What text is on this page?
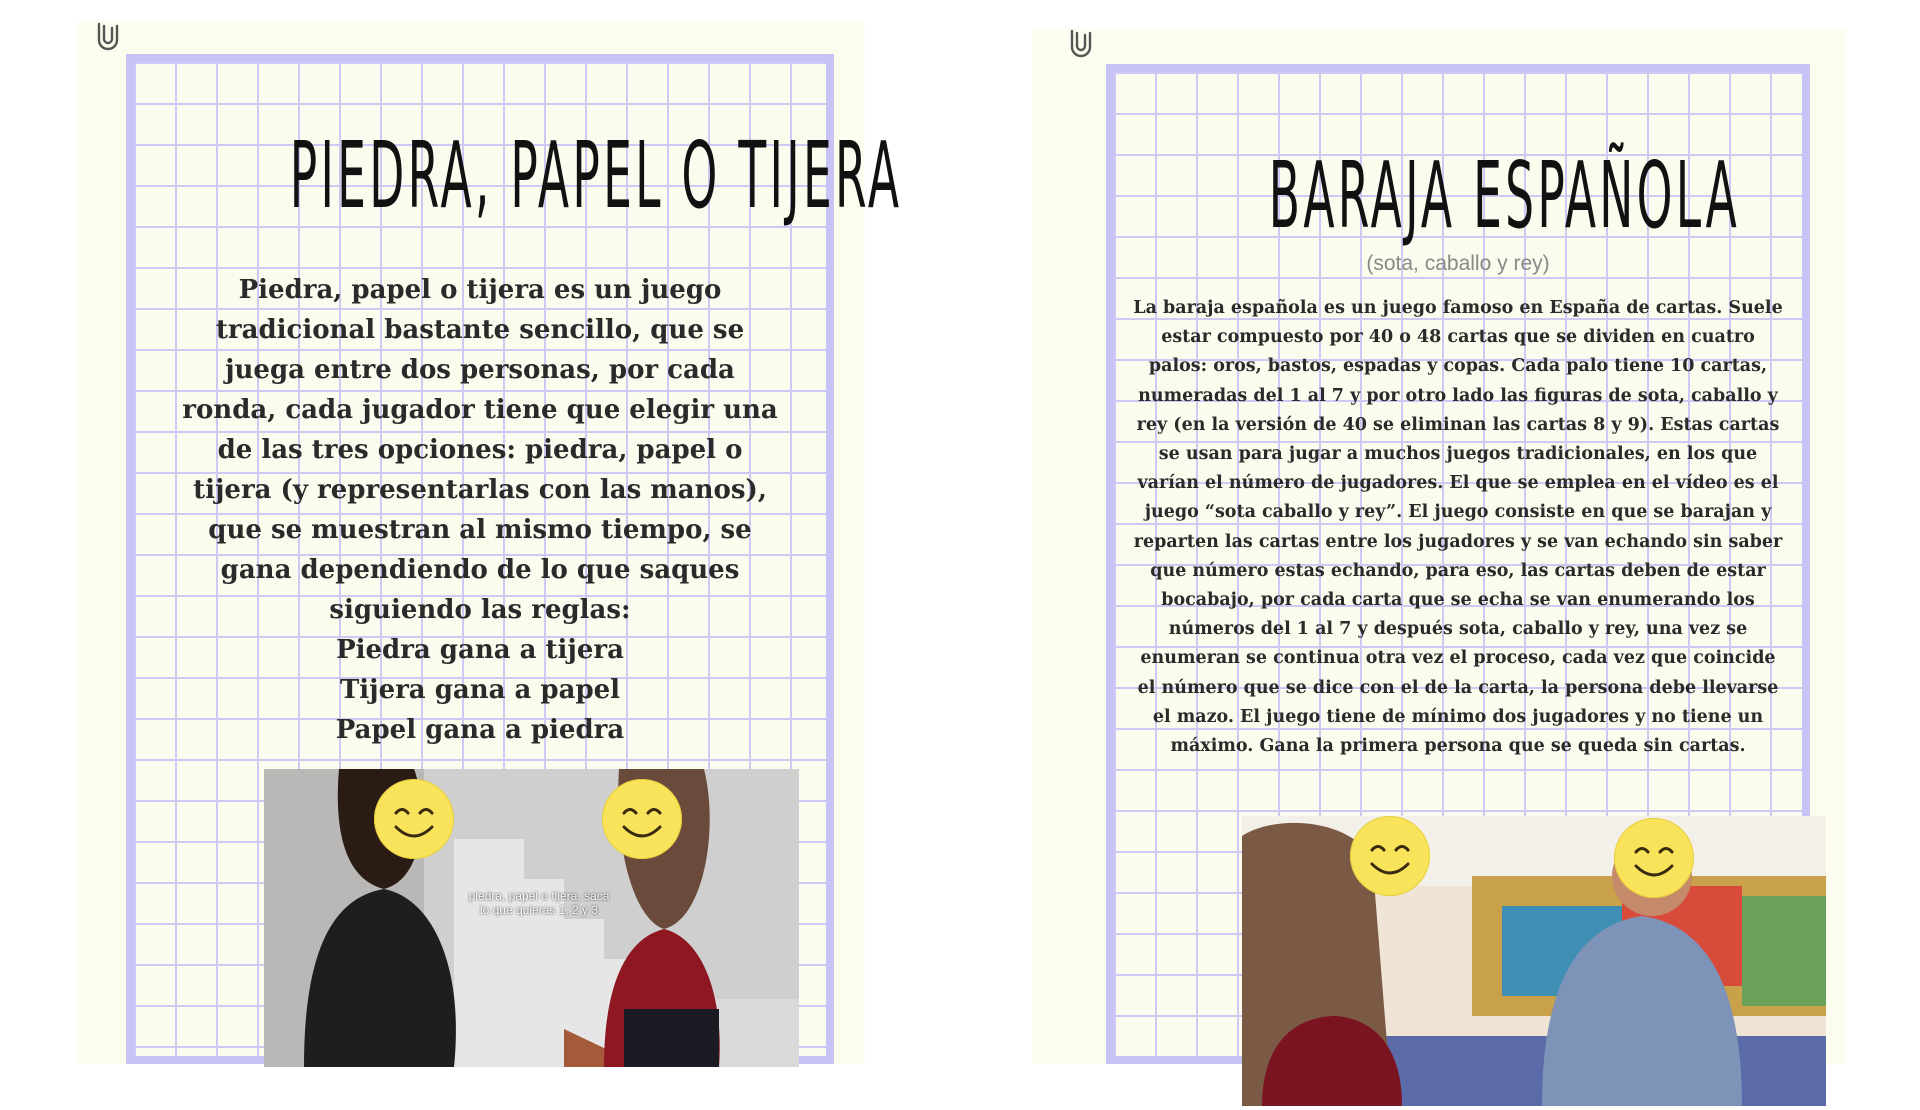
PIEDRA, PAPEL O TIJERA
Piedra, papel o tijera es un juego tradicional bastante sencillo, que se juega entre dos personas, por cada ronda, cada jugador tiene que elegir una de las tres opciones: piedra, papel o tijera (y representarlas con las manos), que se muestran al mismo tiempo, se gana dependiendo de lo que saques siguiendo las reglas:
Piedra gana a tijera
Tijera gana a papel
Papel gana a piedra
piedra, papel o tijera, saca lo que quieras 1, 2 y 3
BARAJA ESPAÑOLA
(sota, caballo y rey)
La baraja española es un juego famoso en España de cartas. Suele estar compuesto por 40 o 48 cartas que se dividen en cuatro palos: oros, bastos, espadas y copas. Cada palo tiene 10 cartas, numeradas del 1 al 7 y por otro lado las figuras de sota, caballo y rey (en la versión de 40 se eliminan las cartas 8 y 9). Estas cartas se usan para jugar a muchos juegos tradicionales, en los que varían el número de jugadores. El que se emplea en el vídeo es el juego “sota caballo y rey”. El juego consiste en que se barajan y reparten las cartas entre los jugadores y se van echando sin saber que número estas echando, para eso, las cartas deben de estar bocabajo, por cada carta que se echa se van enumerando los números del 1 al 7 y después sota, caballo y rey, una vez se enumeran se continua otra vez el proceso, cada vez que coincide el número que se dice con el de la carta, la persona debe llevarse el mazo. El juego tiene de mínimo dos jugadores y no tiene un máximo. Gana la primera persona que se queda sin cartas.
